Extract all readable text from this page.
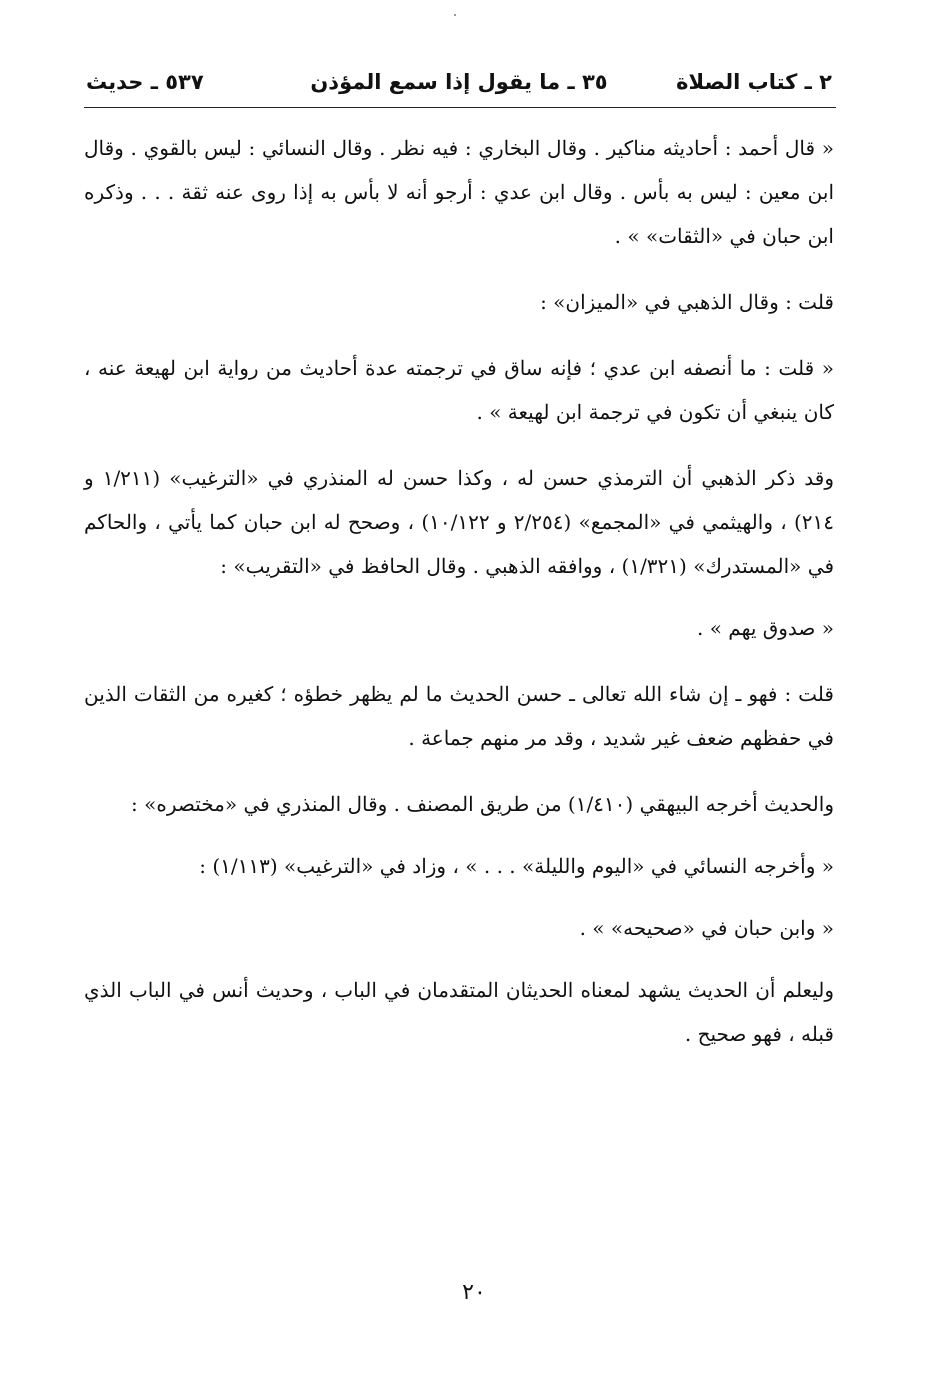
٢ ـ كتاب الصلاة
٣٥ ـ ما يقول إذا سمع المؤذن
٥٣٧ ـ حديث

« قال أحمد : أحاديثه مناكير . وقال البخاري : فيه نظر . وقال النسائي : ليس بالقوي . وقال ابن معين : ليس به بأس . وقال ابن عدي : أرجو أنه لا بأس به إذا روى عنه ثقة . . . وذكره ابن حبان في «الثقات» » .

قلت : وقال الذهبي في «الميزان» :

« قلت : ما أنصفه ابن عدي ؛ فإنه ساق في ترجمته عدة أحاديث من رواية ابن لهيعة عنه ، كان ينبغي أن تكون في ترجمة ابن لهيعة » .

وقد ذكر الذهبي أن الترمذي حسن له ، وكذا حسن له المنذري في «الترغيب» (١/٢١١ و ٢١٤) ، والهيثمي في «المجمع» (٢/٢٥٤ و ١٠/١٢٢) ، وصحح له ابن حبان كما يأتي ، والحاكم في «المستدرك» (١/٣٢١) ، ووافقه الذهبي . وقال الحافظ في «التقريب» :

« صدوق يهم » .

قلت : فهو ـ إن شاء الله تعالى ـ حسن الحديث ما لم يظهر خطؤه ؛ كغيره من الثقات الذين في حفظهم ضعف غير شديد ، وقد مر منهم جماعة .

والحديث أخرجه البيهقي (١/٤١٠) من طريق المصنف . وقال المنذري في «مختصره» :

« وأخرجه النسائي في «اليوم والليلة» . . . » ، وزاد في «الترغيب» (١/١١٣) :

« وابن حبان في «صحيحه» » .

وليعلم أن الحديث يشهد لمعناه الحديثان المتقدمان في الباب ، وحديث أنس في الباب الذي قبله ، فهو صحيح .

٢٠
